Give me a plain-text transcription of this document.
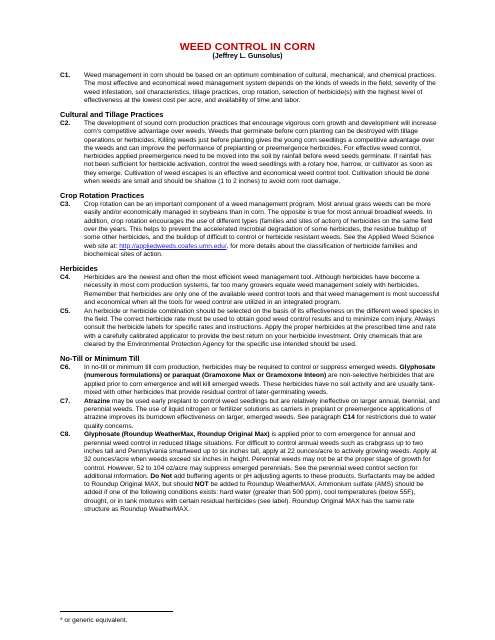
WEED CONTROL IN CORN
(Jeffrey L. Gunsolus)
C1.	Weed management in corn should be based on an optimum combination of cultural, mechanical, and chemical practices. The most effective and economical weed management system depends on the kinds of weeds in the field, severity of the weed infestation, soil characteristics, tillage practices, crop rotation, selection of herbicide(s) with the highest level of effectiveness at the lowest cost per acre, and availability of time and labor.
Cultural and Tillage Practices
C2.	The development of sound corn production practices that encourage vigorous corn growth and development will increase corn's competitive advantage over weeds. Weeds that germinate before corn planting can be destroyed with tillage operations or herbicides. Killing weeds just before planting gives the young corn seedlings a competitive advantage over the weeds and can improve the performance of preplanting or preemergence herbicides. For effective weed control, herbicides applied preemergence need to be moved into the soil by rainfall before weed seeds germinate. If rainfall has not been sufficient for herbicide activation, control the weed seedlings with a rotary hoe, harrow, or cultivator as soon as they emerge. Cultivation of weed escapes is an effective and economical weed control tool. Cultivation should be done when weeds are small and should be shallow (1 to 2 inches) to avoid corn root damage.
Crop Rotation Practices
C3.	Crop rotation can be an important component of a weed management program. Most annual grass weeds can be more easily and/or economically managed in soybeans than in corn. The opposite is true for most annual broadleaf weeds. In addition, crop rotation encourages the use of different types (families and sites of action) of herbicides on the same field over the years. This helps to prevent the accelerated microbial degradation of some herbicides, the residue buildup of some other herbicides, and the buildup of difficult to control or herbicide resistant weeds. See the Applied Weed Science web site at: http://appliedweeds.coafes.umn.edu/, for more details about the classification of herbicide families and biochemical sites of action.
Herbicides
C4.	Herbicides are the newest and often the most efficient weed management tool. Although herbicides have become a necessity in most corn production systems, far too many growers equate weed management solely with herbicides. Remember that herbicides are only one of the available weed control tools and that weed management is most successful and economical when all the tools for weed control are utilized in an integrated program.
C5.	An herbicide or herbicide combination should be selected on the basis of its effectiveness on the different weed species in the field. The correct herbicide rate must be used to obtain good weed control results and to minimize corn injury. Always consult the herbicide labels for specific rates and instructions. Apply the proper herbicides at the prescribed time and rate with a carefully calibrated applicator to provide the best return on your herbicide investment. Only chemicals that are cleared by the Environmental Protection Agency for the specific use intended should be used.
No-Till or Minimum Till
C6.	In no-till or minimum till corn production, herbicides may be required to control or suppress emerged weeds. Glyphosate (numerous formulations) or paraquat (Gramoxone Max or Gramoxone Inteon) are non-selective herbicides that are applied prior to corn emergence and will kill emerged weeds. These herbicides have no soil activity and are usually tank-mixed with other herbicides that provide residual control of later-germinating weeds.
C7.	Atrazine may be used early preplant to control weed seedlings but are relatively ineffective on larger annual, biennial, and perennial weeds. The use of liquid nitrogen or fertilizer solutions as carriers in preplant or preemergence applications of atrazine improves its burndown effectiveness on larger, emerged weeds. See paragraph C14 for restrictions due to water quality concerns.
C8.	Glyphosate (Roundup WeatherMax, Roundup Original Max) is applied prior to corn emergence for annual and perennial weed control in reduced tillage situations. For difficult to control annual weeds such as crabgrass up to two inches tall and Pennsylvania smartweed up to six inches tall, apply at 22 ounces/acre to actively growing weeds. Apply at 32 ounces/acre when weeds exceed six inches in height. Perennial weeds may not be at the proper stage of growth for control. However, 52 to 104 oz/acre may suppress emerged perennials. See the perennial weed control section for additional information. Do Not add buffering agents or pH adjusting agents to these products. Surfactants may be added to Roundup Original MAX, but should NOT be added to Roundup WeatherMAX. Ammonium sulfate (AMS) should be added if one of the following conditions exists: hard water (greater than 500 ppm), cool temperatures (below 55F), drought, or in tank mixtures with certain residual herbicides (see label). Roundup Original MAX has the same rate structure as Roundup WeatherMAX.
* or generic equivalent.
